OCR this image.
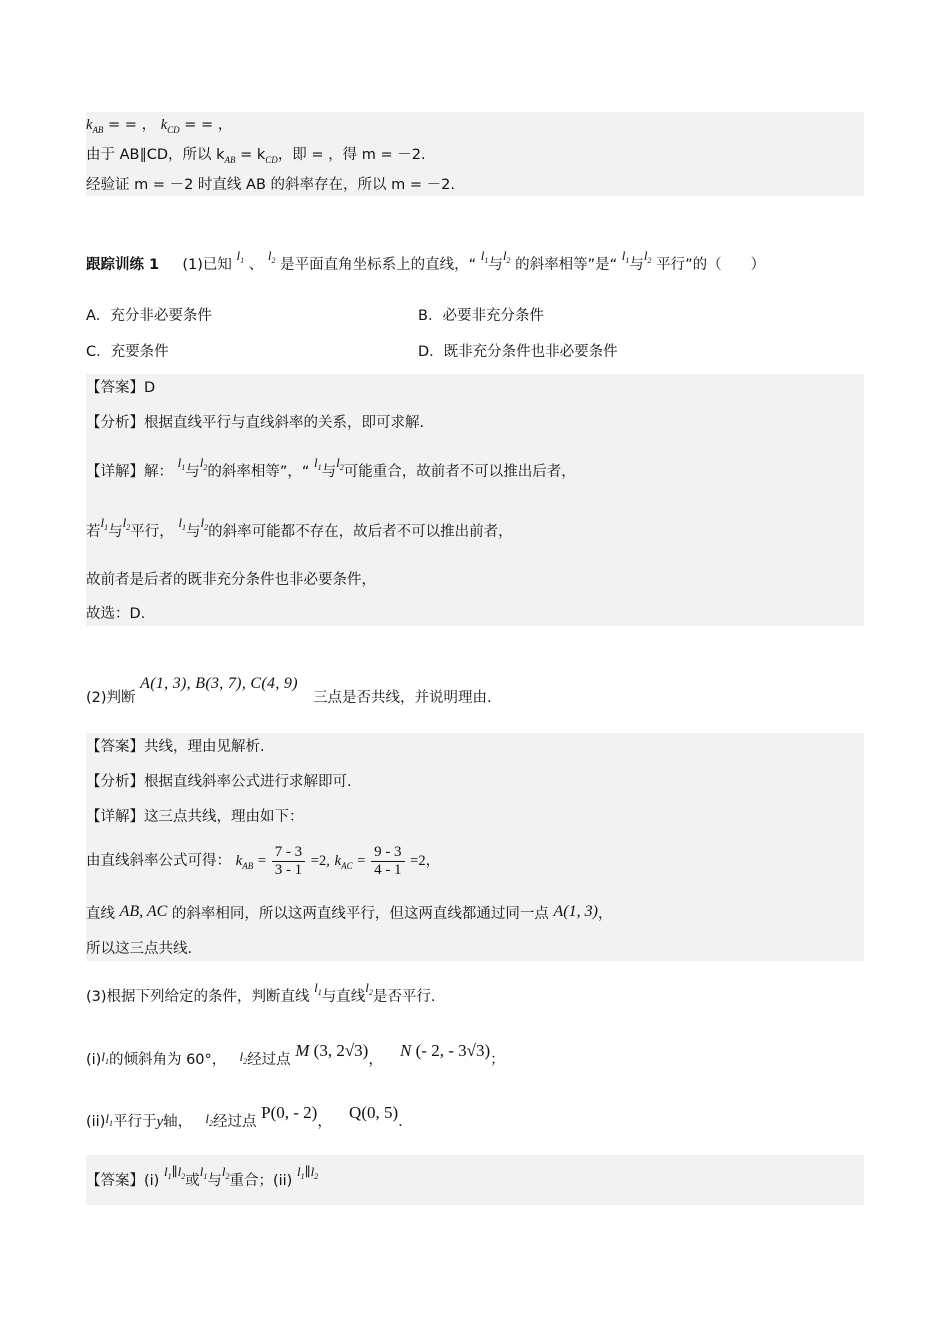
$k_{AB}$ = = ， $k_{CD}$ = = ，
由于 AB∥CD，所以 $k_{AB} = k_{CD}$，即 = ，得 m = －2.
经验证 m = －2 时直线 AB 的斜率存在，所以 m = －2.
跟踪训练 1 (1)已知 $l_1$ 、 $l_2$ 是平面直角坐标系上的直线，“ $l_1$与$l_2$ 的斜率相等”是“ $l_1$与$l_2$ 平行”的（　　）
A．充分非必要条件	B．必要非充分条件
C．充要条件	D．既非充分条件也非必要条件
【答案】D
【分析】根据直线平行与直线斜率的关系，即可求解.
【详解】解： $l_1$与$l_2$的斜率相等”，“ $l_1$与$l_2$可能重合，故前者不可以推出后者，
若$l_1$与$l_2$平行， $l_1$与$l_2$的斜率可能都不存在，故后者不可以推出前者，
故前者是后者的既非充分条件也非必要条件，
故选：D.
(2)判断 A(1, 3), B(3, 7), C(4, 9)  三点是否共线，并说明理由.
【答案】共线，理由见解析.
【分析】根据直线斜率公式进行求解即可.
【详解】这三点共线，理由如下：
由直线斜率公式可得： $k_{AB} = \frac{7 - 3}{3 - 1} =2$, $k_{AC} = \frac{9 - 3}{4 - 1} =2$，
直线 AB, AC 的斜率相同，所以这两直线平行，但这两直线都通过同一点 A(1, 3)，
所以这三点共线.
(3)根据下列给定的条件，判断直线 $l_1$与直线$l_2$是否平行.
$(i)l_1$的倾斜角为 60°， $l_2$经过点 M (3, 2√3)， N (- 2, - 3√3)；
$(ii)l_1$平行于y轴， $l_2$经过点 P(0, - 2)， Q(0, 5).
【答案】(i) $l_1\parallel l_2$或$l_1$与$l_2$重合；(ii) $l_1\parallel l_2$
